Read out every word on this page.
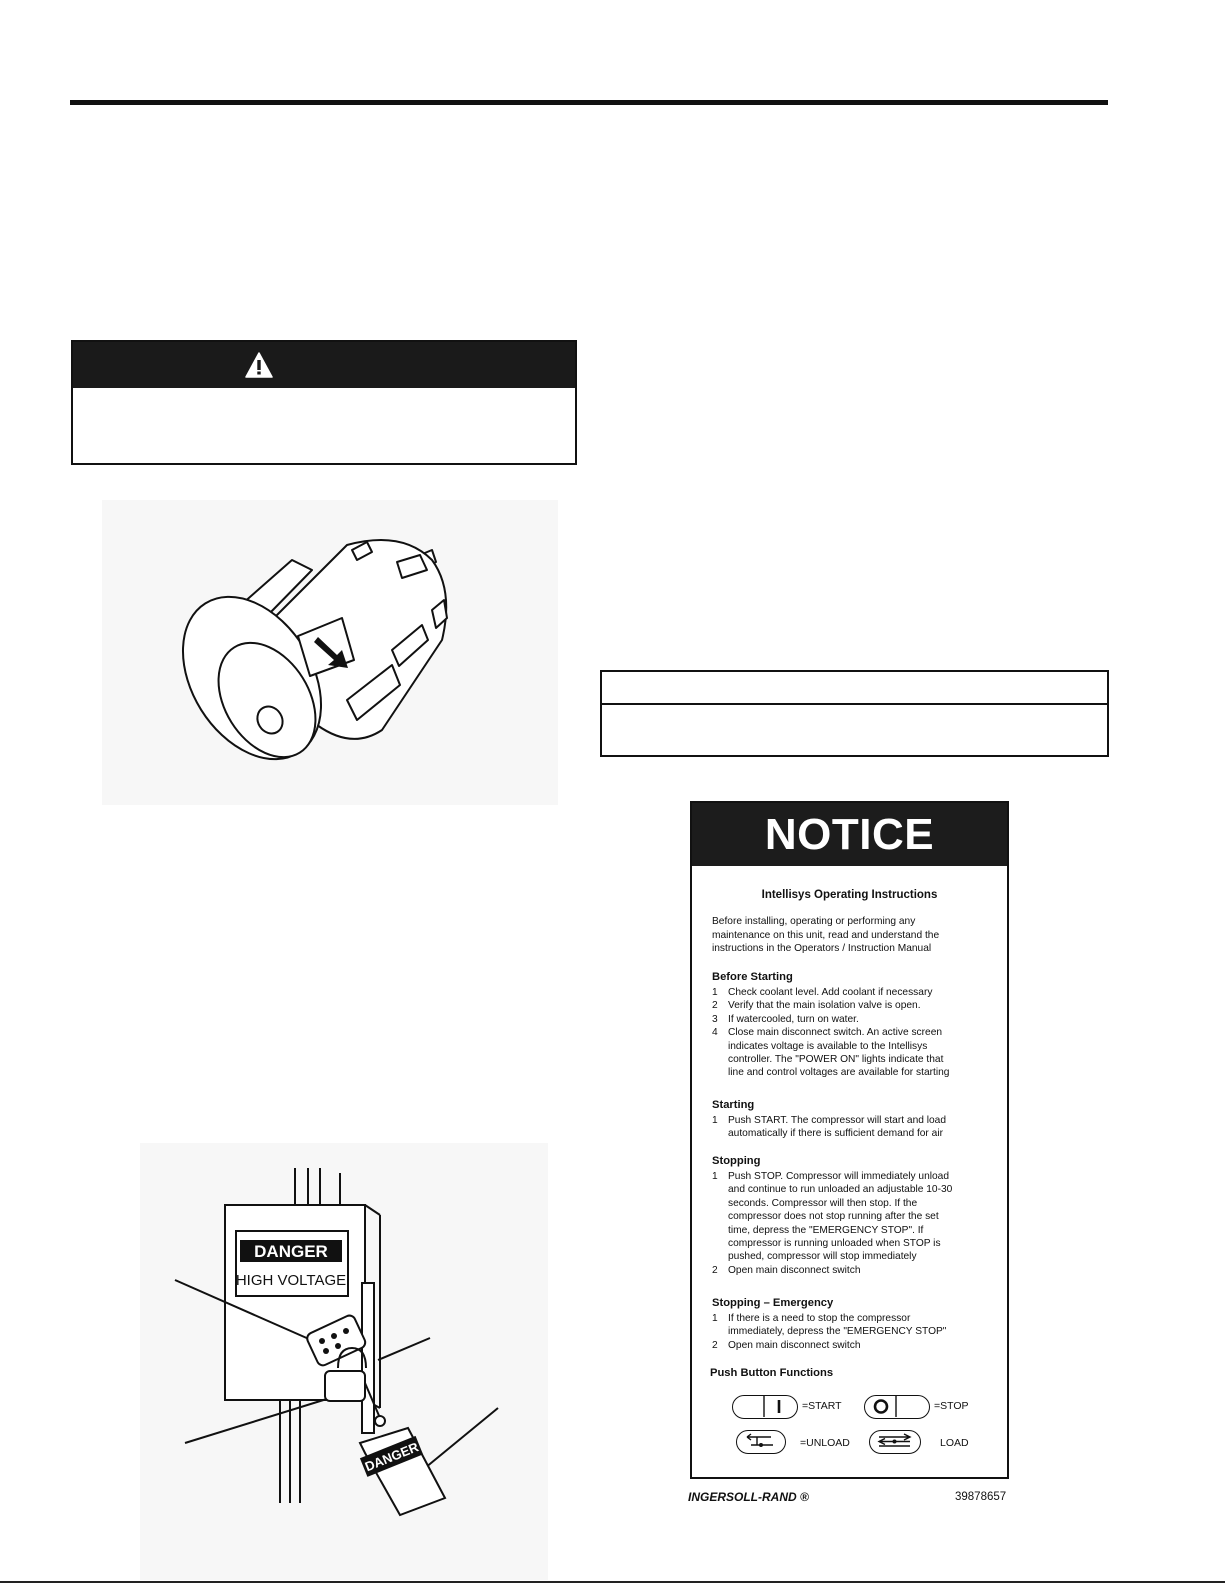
DANGER
HIGH VOLTAGE
DANGER
NOTICE
Intellisys Operating Instructions
Before installing, operating or performing any
maintenance on this unit, read and understand the
instructions in the Operators / Instruction Manual
Before Starting
1 Check coolant level. Add coolant if necessary
2 Verify that the main isolation valve is open.
3 If watercooled, turn on water.
4 Close main disconnect switch. An active screen
indicates voltage is available to the Intellisys
controller. The "POWER ON" lights indicate that
line and control voltages are available for starting
Starting
1 Push START. The compressor will start and load
automatically if there is sufficient demand for air
Stopping
1 Push STOP. Compressor will immediately unload
and continue to run unloaded an adjustable 10-30
seconds. Compressor will then stop. If the
compressor does not stop running after the set
time, depress the "EMERGENCY STOP". If
compressor is running unloaded when STOP is
pushed, compressor will stop immediately
2 Open main disconnect switch
Stopping – Emergency
1 If there is a need to stop the compressor
immediately, depress the "EMERGENCY STOP"
2 Open main disconnect switch
Push Button Functions
=START	=STOP
=UNLOAD	LOAD
INGERSOLL-RAND ®	39878657
